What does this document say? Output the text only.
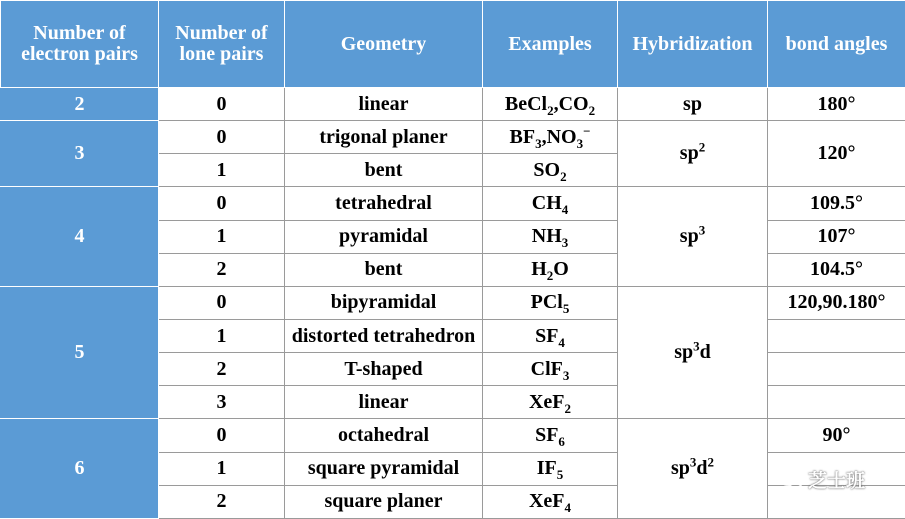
Number of electron pairs	Number of lone pairs	Geometry	Examples	Hybridization	bond angles
2	0	linear	$BeCl_2,CO_2$	sp	180°
3	0	trigonal planer	$BF_3,NO_3^-$	$sp^2$	120°
	1	bent	$SO_2$
4	0	tetrahedral	$CH_4$	$sp^3$	109.5°
	1	pyramidal	$NH_3$		107°
	2	bent	$H_2O$		104.5°
5	0	bipyramidal	PCl$_5$	$sp^3d$	120,90.180°
	1	distorted tetrahedron	$SF_4$	
	2	T-shaped	ClF$_3$	
	3	linear	XeF$_2$	
6	0	octahedral	$SF_6$	$sp^3d^2$	90°
	1	square pyramidal	$IF_5$	
	2	square planer	XeF$_4$	
芝士班
